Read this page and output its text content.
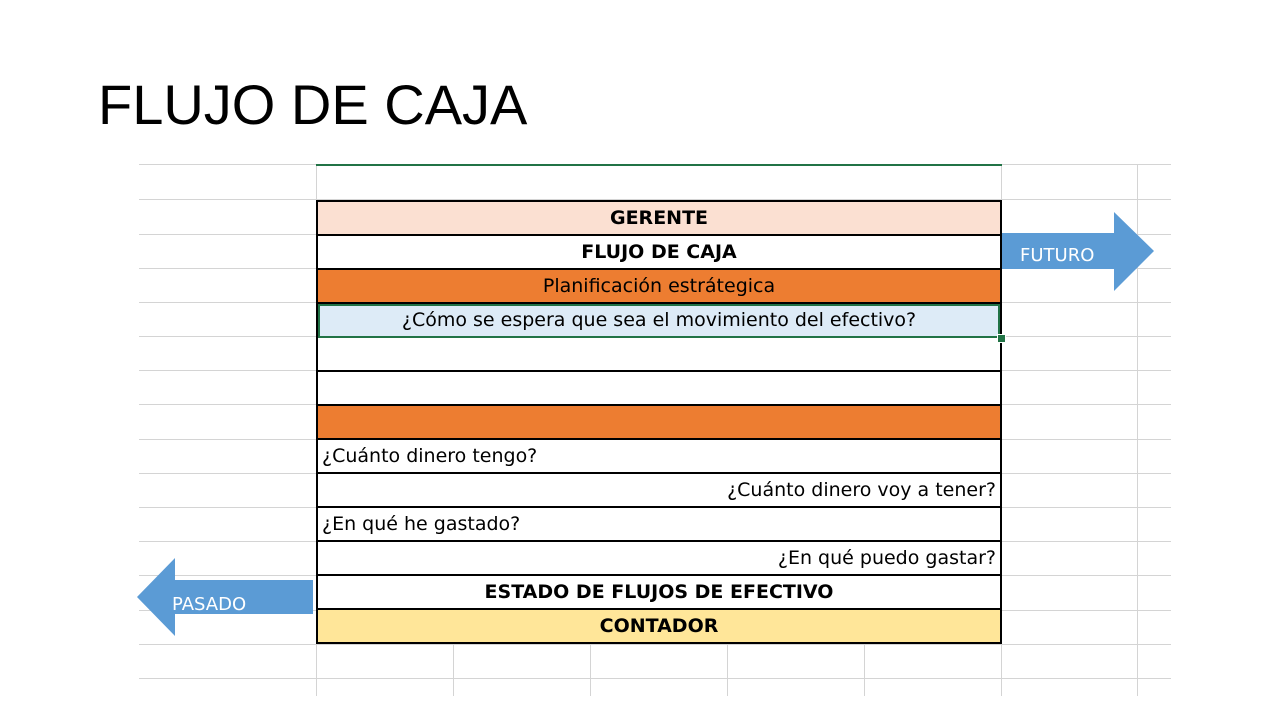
FLUJO DE CAJA
GERENTE
FLUJO DE CAJA
Planificación estrátegica
¿Cómo se espera que sea el movimiento del efectivo?
¿Cuánto dinero tengo?
¿Cuánto dinero voy a tener?
¿En qué he gastado?
¿En qué puedo gastar?
ESTADO DE FLUJOS DE EFECTIVO
CONTADOR
FUTURO
PASADO
